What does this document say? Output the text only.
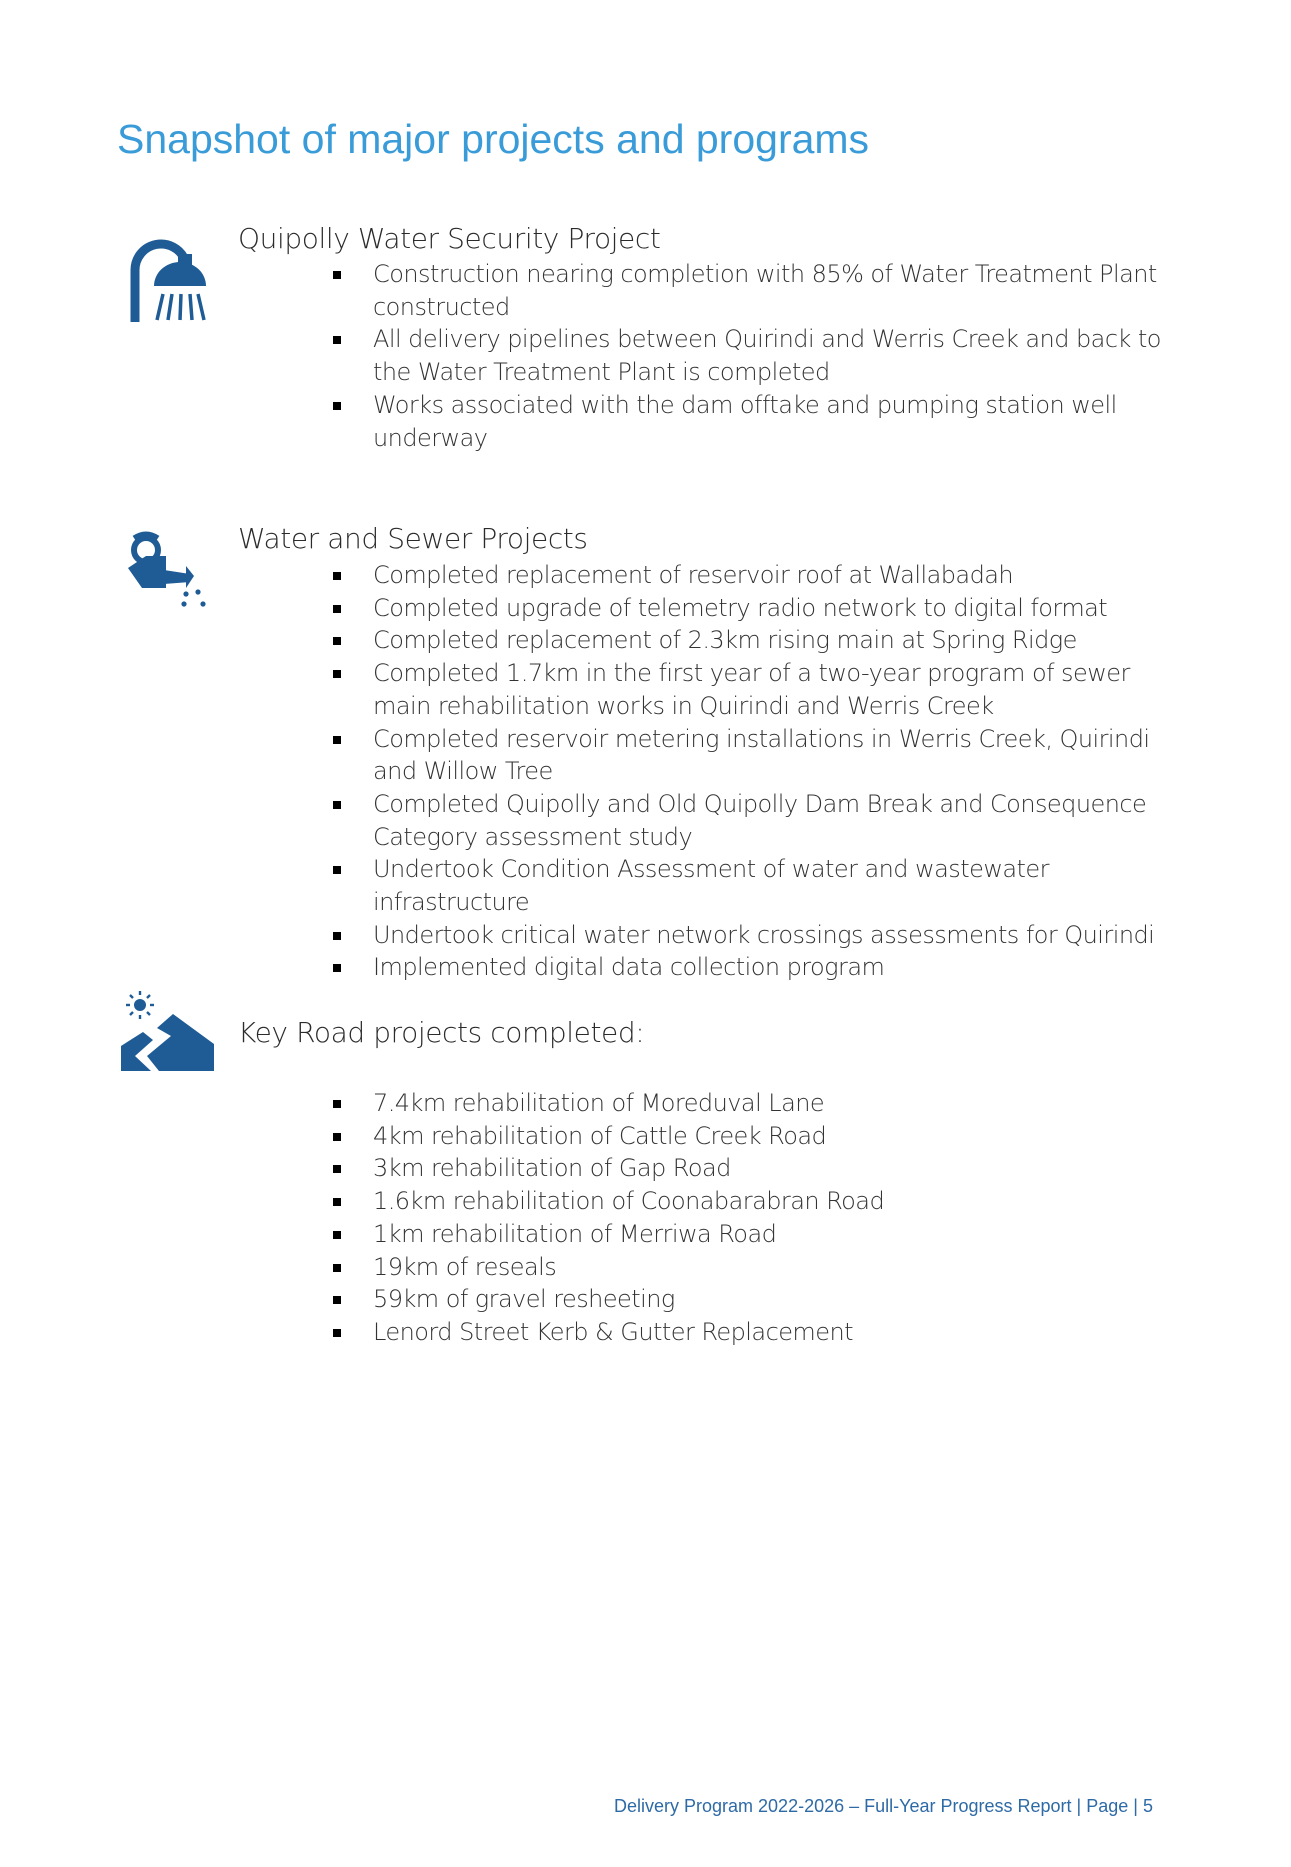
Snapshot of major projects and programs
Quipolly Water Security Project
Construction nearing completion with 85% of Water Treatment Plant constructed
All delivery pipelines between Quirindi and Werris Creek and back to the Water Treatment Plant is completed
Works associated with the dam offtake and pumping station well underway
Water and Sewer Projects
Completed replacement of reservoir roof at Wallabadah
Completed upgrade of telemetry radio network to digital format
Completed replacement of 2.3km rising main at Spring Ridge
Completed 1.7km in the first year of a two-year program of sewer main rehabilitation works in Quirindi and Werris Creek
Completed reservoir metering installations in Werris Creek, Quirindi and Willow Tree
Completed Quipolly and Old Quipolly Dam Break and Consequence Category assessment study
Undertook Condition Assessment of water and wastewater infrastructure
Undertook critical water network crossings assessments for Quirindi
Implemented digital data collection program
Key Road projects completed:
7.4km rehabilitation of Moreduval Lane
4km rehabilitation of Cattle Creek Road
3km rehabilitation of Gap Road
1.6km rehabilitation of Coonabarabran Road
1km rehabilitation of Merriwa Road
19km of reseals
59km of gravel resheeting
Lenord Street Kerb & Gutter Replacement
Delivery Program 2022-2026 – Full-Year Progress Report | Page | 5
